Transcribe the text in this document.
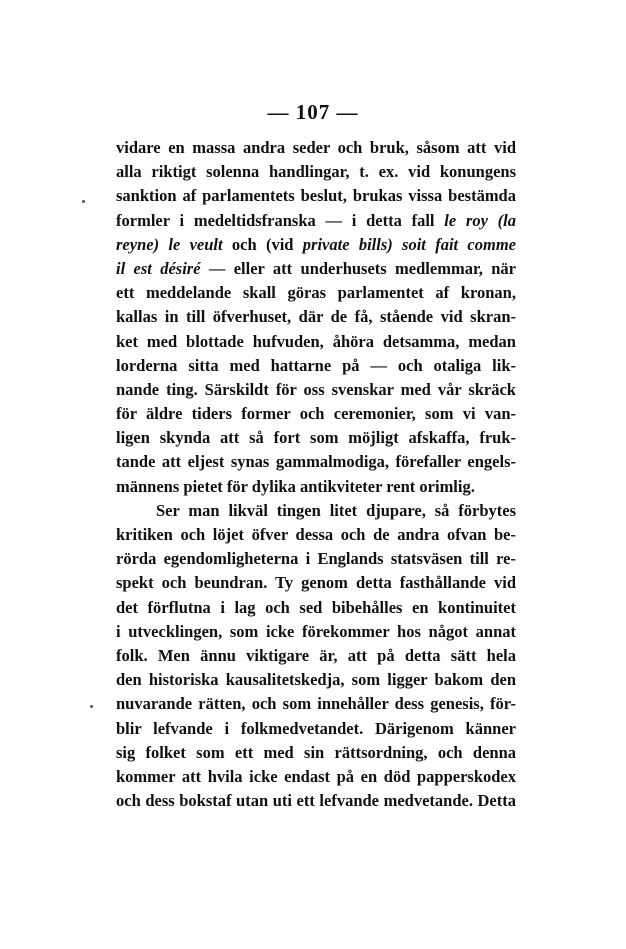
— 107 —
vidare en massa andra seder och bruk, såsom att vid
alla riktigt solenna handlingar, t. ex. vid konungens
sanktion af parlamentets beslut, brukas vissa bestämda
formler i medeltidsfranska — i detta fall le roy (la
reyne) le veult och (vid private bills) soit fait comme
il est désiré — eller att underhusets medlemmar, när
ett meddelande skall göras parlamentet af kronan,
kallas in till öfverhuset, där de få, stående vid skran-
ket med blottade hufvuden, åhöra detsamma, medan
lorderna sitta med hattarne på — och otaliga lik-
nande ting. Särskildt för oss svenskar med vår skräck
för äldre tiders former och ceremonier, som vi van-
ligen skynda att så fort som möjligt afskaffa, fruk-
tande att eljest synas gammalmodiga, förefaller engels-
männens pietet för dylika antikviteter rent orimlig.
Ser man likväl tingen litet djupare, så förbytes
kritiken och löjet öfver dessa och de andra ofvan be-
rörda egendomligheterna i Englands statsväsen till re-
spekt och beundran. Ty genom detta fasthållande vid
det förflutna i lag och sed bibehålles en kontinuitet
i utvecklingen, som icke förekommer hos något annat
folk. Men ännu viktigare är, att på detta sätt hela
den historiska kausalitetskedja, som ligger bakom den
nuvarande rätten, och som innehåller dess genesis, för-
blir lefvande i folkmedvetandet. Därigenom känner
sig folket som ett med sin rättsordning, och denna
kommer att hvila icke endast på en död papperskodex
och dess bokstaf utan uti ett lefvande medvetande. Detta
